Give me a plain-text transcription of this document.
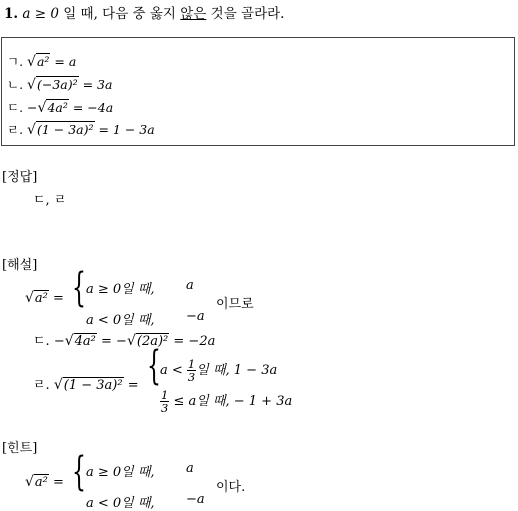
1. a ≥ 0 일 때, 다음 중 옳지 않은 것을 골라라.
ㄱ. √a² = a
ㄴ. √(−3a)² = 3a
ㄷ. −√4a² = −4a
ㄹ. √(1 − 3a)² = 1 − 3a
[정답]
ㄷ, ㄹ
[해설]
√a² = { a ≥ 0일 때, a
a < 0일 때, −a
이므로
ㄷ. −√4a² = −√(2a)² = −2a
ㄹ. √(1 − 3a)² = { $a < \frac{1}{3}$ 일 때, 1 − 3a
$\frac{1}{3} \le a$일 때, − 1 + 3a
[힌트]
√a² = { a ≥ 0일 때, a
a < 0일 때, −a
이다.
